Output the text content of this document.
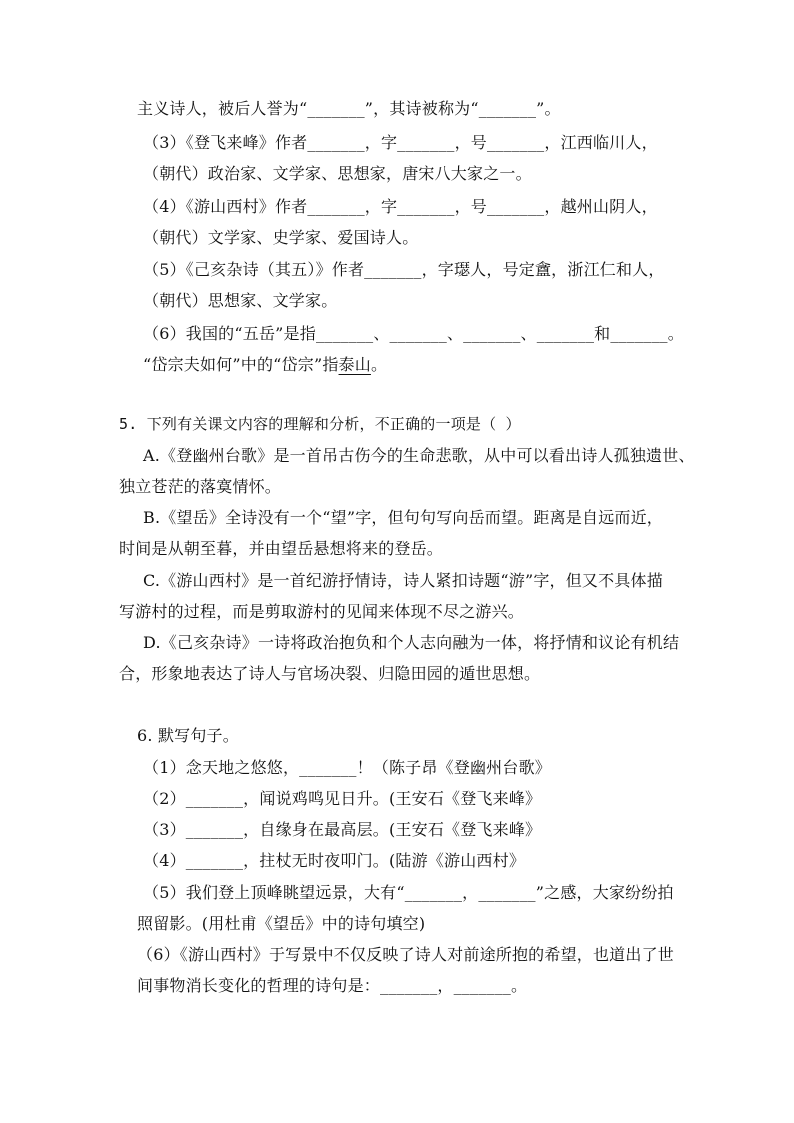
主义诗人，被后人誉为“_______”，其诗被称为“_______”。
（3）《登飞来峰》作者_______，字_______，号_______，江西临川人，
（朝代）政治家、文学家、思想家，唐宋八大家之一。
（4）《游山西村》作者_______，字_______，号_______，越州山阴人，
（朝代）文学家、史学家、爱国诗人。
（5）《己亥杂诗（其五）》作者_______，字璱人，号定盦，浙江仁和人，
（朝代）思想家、文学家。
（6）我国的“五岳”是指_______、_______、_______、_______和_______。
“岱宗夫如何”中的“岱宗”指泰山。
5. 下列有关课文内容的理解和分析，不正确的一项是（ ）
A.《登幽州台歌》是一首吊古伤今的生命悲歌，从中可以看出诗人孤独遗世、
独立苍茫的落寞情怀。
B.《望岳》全诗没有一个“望”字，但句句写向岳而望。距离是自远而近，
时间是从朝至暮，并由望岳悬想将来的登岳。
C.《游山西村》是一首纪游抒情诗，诗人紧扣诗题“游”字，但又不具体描
写游村的过程，而是剪取游村的见闻来体现不尽之游兴。
D.《己亥杂诗》一诗将政治抱负和个人志向融为一体，将抒情和议论有机结
合，形象地表达了诗人与官场决裂、归隐田园的遁世思想。
6. 默写句子。
（1）念天地之悠悠，_______！（陈子昂《登幽州台歌》
（2）_______，闻说鸡鸣见日升。(王安石《登飞来峰》
（3）_______，自缘身在最高层。(王安石《登飞来峰》
（4）_______，拄杖无时夜叩门。(陆游《游山西村》
（5）我们登上顶峰眺望远景，大有“_______，_______”之感，大家纷纷拍
照留影。(用杜甫《望岳》中的诗句填空)
（6）《游山西村》于写景中不仅反映了诗人对前途所抱的希望，也道出了世
间事物消长变化的哲理的诗句是：_______，_______。
